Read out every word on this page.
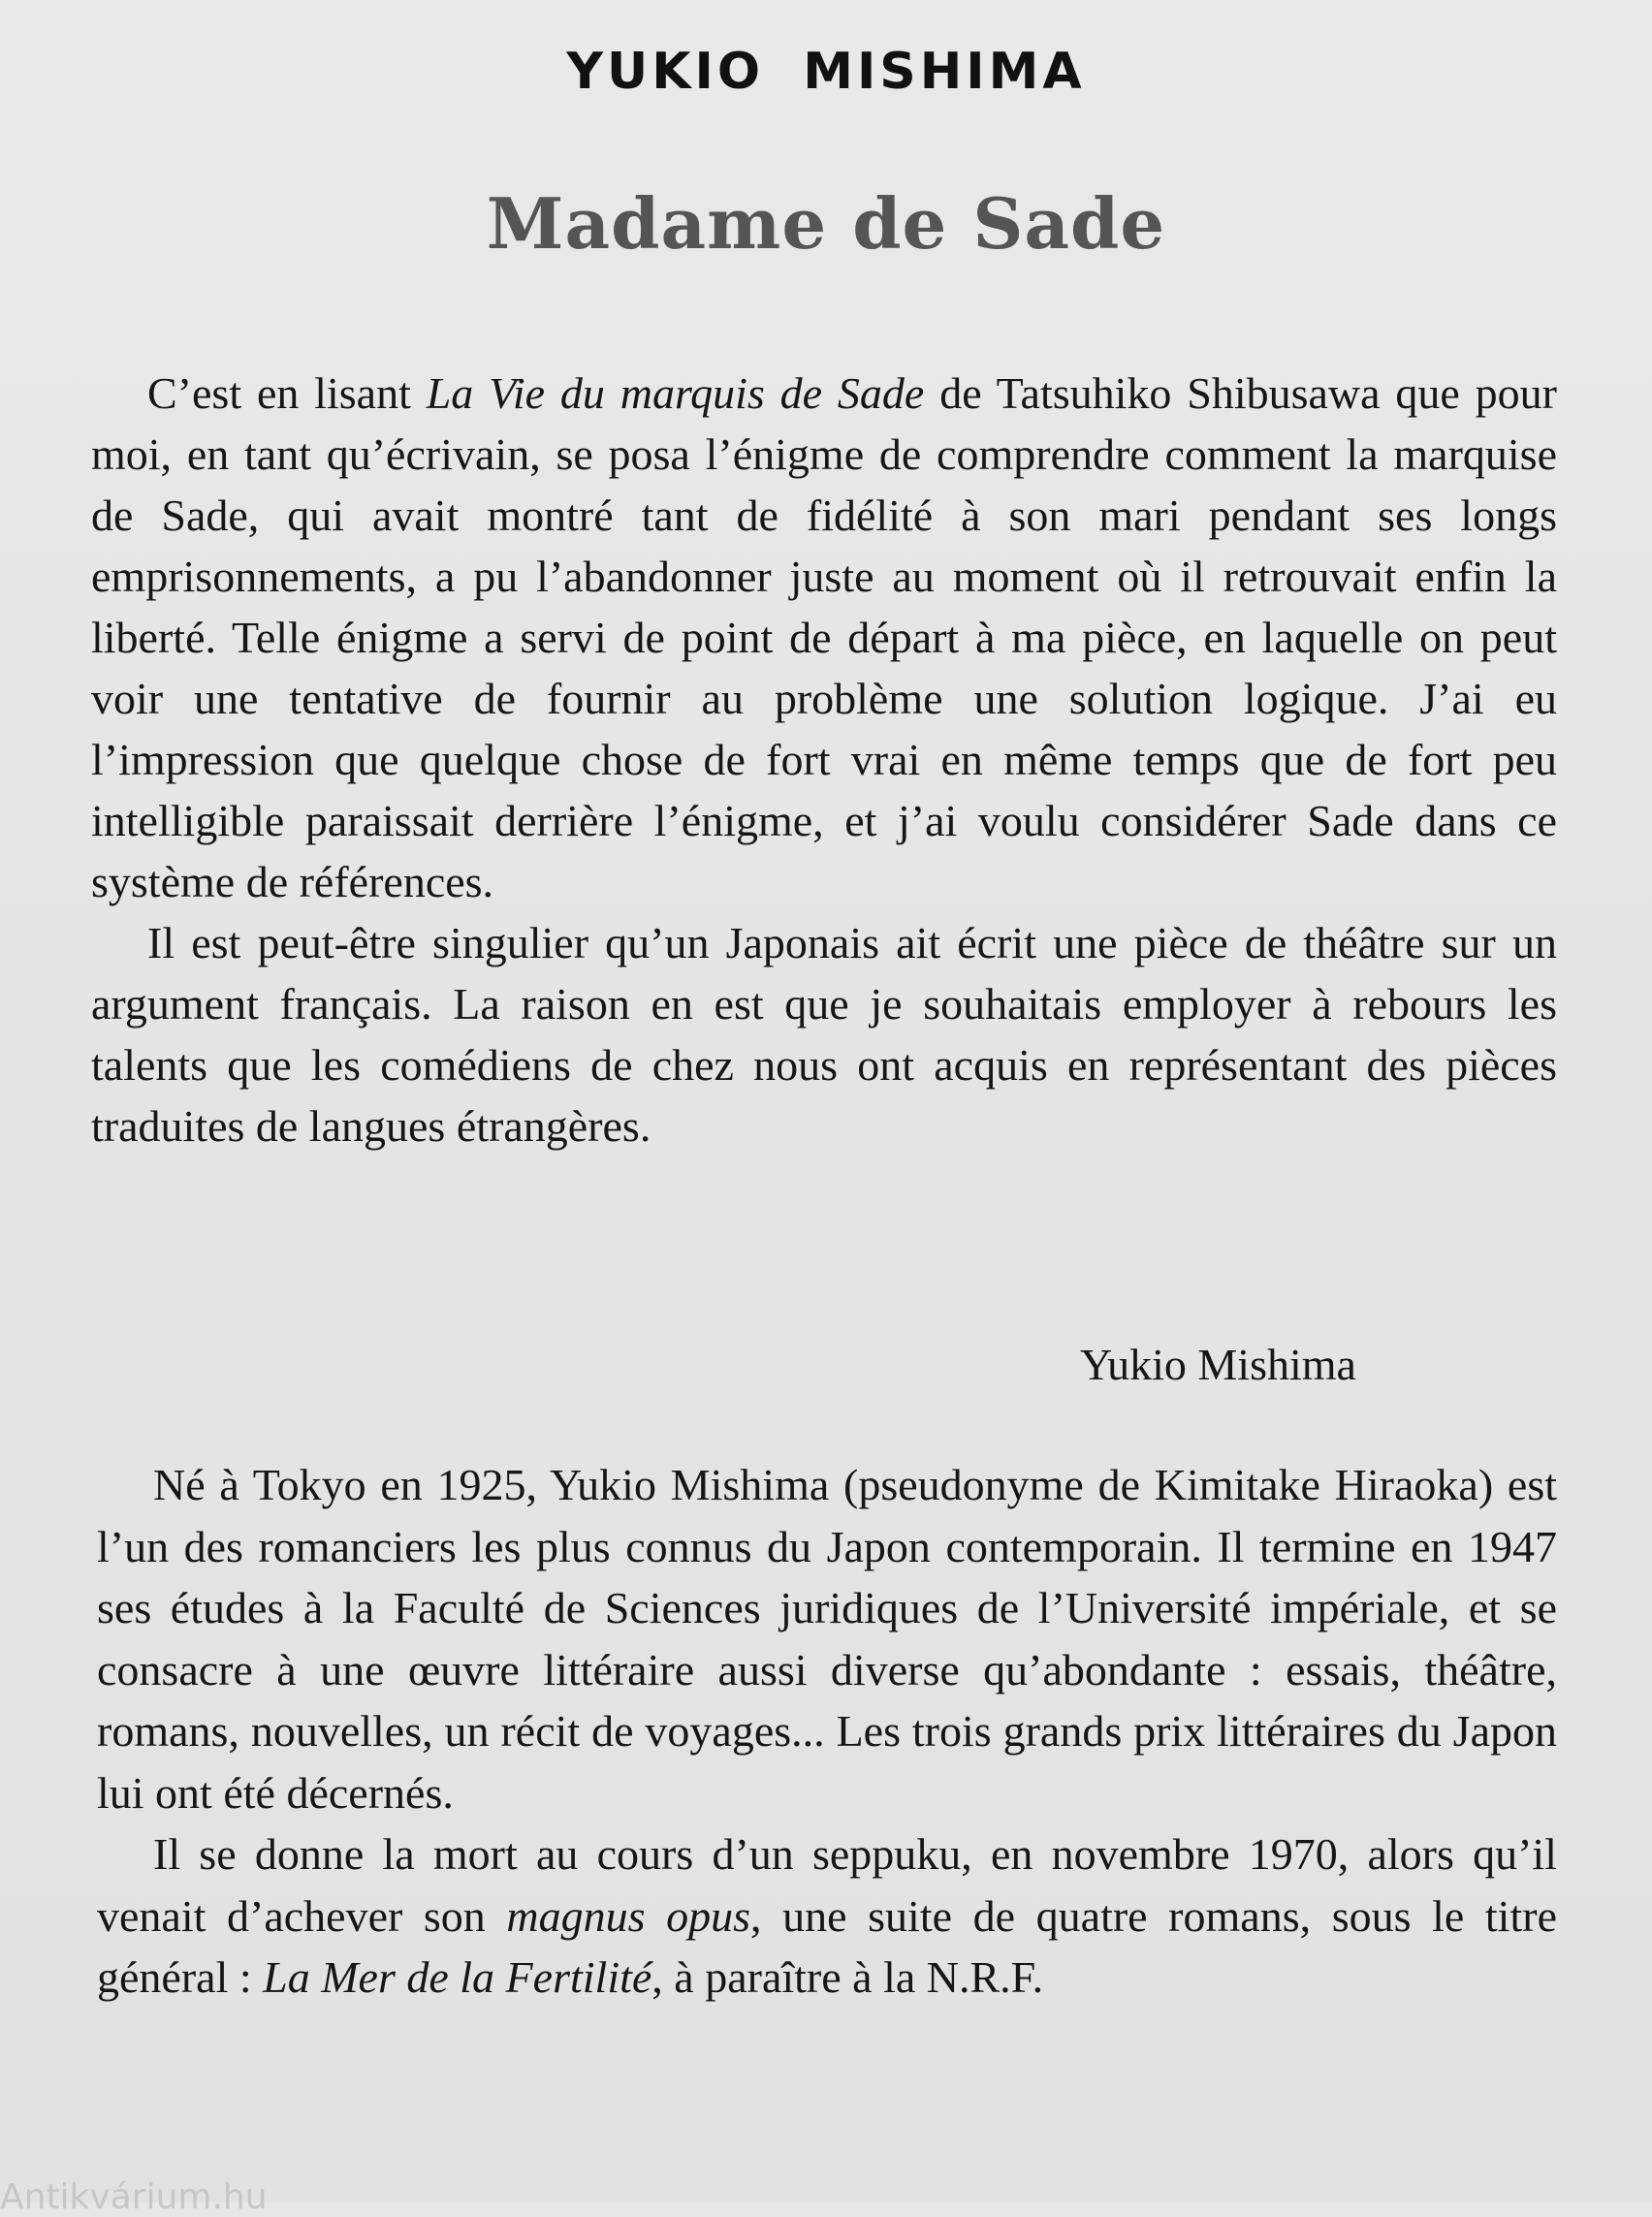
YUKIO MISHIMA
Madame de Sade

C’est en lisant La Vie du marquis de Sade de Tatsuhiko Shibusawa que pour moi, en tant qu’écrivain, se posa l’énigme de comprendre comment la marquise de Sade, qui avait montré tant de fidélité à son mari pendant ses longs emprisonnements, a pu l’abandonner juste au moment où il retrouvait enfin la liberté. Telle énigme a servi de point de départ à ma pièce, en laquelle on peut voir une tentative de fournir au problème une solution logique. J’ai eu l’impression que quelque chose de fort vrai en même temps que de fort peu intelligible paraissait derrière l’énigme, et j’ai voulu considérer Sade dans ce système de références.

Il est peut-être singulier qu’un Japonais ait écrit une pièce de théâtre sur un argument français. La raison en est que je souhaitais employer à rebours les talents que les comédiens de chez nous ont acquis en représentant des pièces traduites de langues étrangères.

Yukio Mishima

Né à Tokyo en 1925, Yukio Mishima (pseudonyme de Kimitake Hiraoka) est l’un des romanciers les plus connus du Japon contemporain. Il termine en 1947 ses études à la Faculté de Sciences juridiques de l’Université impériale, et se consacre à une œuvre littéraire aussi diverse qu’abondante : essais, théâtre, romans, nouvelles, un récit de voyages... Les trois grands prix littéraires du Japon lui ont été décernés.

Il se donne la mort au cours d’un seppuku, en novembre 1970, alors qu’il venait d’achever son magnus opus, une suite de quatre romans, sous le titre général : La Mer de la Fertilité, à paraître à la N.R.F.

Antikvárium.hu
